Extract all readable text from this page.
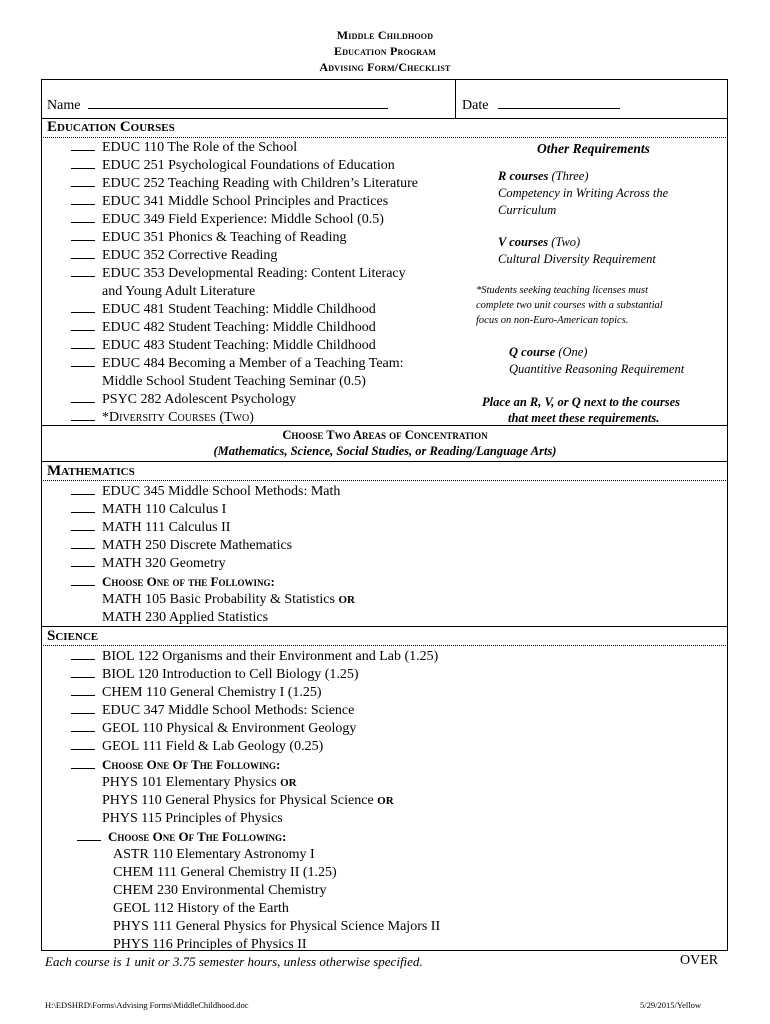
Middle Childhood
Education Program
Advising Form/Checklist
Name	Date
Education Courses
EDUC 110 The Role of the School
EDUC 251 Psychological Foundations of Education
EDUC 252 Teaching Reading with Children’s Literature
EDUC 341 Middle School Principles and Practices
EDUC 349 Field Experience: Middle School (0.5)
EDUC 351 Phonics & Teaching of Reading
EDUC 352 Corrective Reading
EDUC 353 Developmental Reading: Content Literacy
and Young Adult Literature
EDUC 481 Student Teaching: Middle Childhood
EDUC 482 Student Teaching: Middle Childhood
EDUC 483 Student Teaching: Middle Childhood
EDUC 484 Becoming a Member of a Teaching Team:
Middle School Student Teaching Seminar (0.5)
PSYC 282 Adolescent Psychology
*Diversity Courses (Two)
Other Requirements
R courses (Three)
Competency in Writing Across the
Curriculum
V courses (Two)
Cultural Diversity Requirement
*Students seeking teaching licenses must
complete two unit courses with a substantial
focus on non-Euro-American topics.
Q course (One)
Quantitive Reasoning Requirement
Place an R, V, or Q next to the courses
that meet these requirements.
Choose Two Areas of Concentration
(Mathematics, Science, Social Studies, or Reading/Language Arts)
Mathematics
EDUC 345 Middle School Methods: Math
MATH 110 Calculus I
MATH 111 Calculus II
MATH 250 Discrete Mathematics
MATH 320 Geometry
Choose One of the Following:
MATH 105 Basic Probability & Statistics OR
MATH 230 Applied Statistics
Science
BIOL 122 Organisms and their Environment and Lab (1.25)
BIOL 120 Introduction to Cell Biology (1.25)
CHEM 110 General Chemistry I (1.25)
EDUC 347 Middle School Methods: Science
GEOL 110 Physical & Environment Geology
GEOL 111 Field & Lab Geology (0.25)
Choose One Of The Following:
PHYS 101 Elementary Physics OR
PHYS 110 General Physics for Physical Science OR
PHYS 115 Principles of Physics
Choose One Of The Following:
ASTR 110 Elementary Astronomy I
CHEM 111 General Chemistry II (1.25)
CHEM 230 Environmental Chemistry
GEOL 112 History of the Earth
PHYS 111 General Physics for Physical Science Majors II
PHYS 116 Principles of Physics II
Each course is 1 unit or 3.75 semester hours, unless otherwise specified.	OVER
H:\EDSHRD\Forms\Advising Forms\MiddleChildhood.doc	5/29/2015/Yellow
